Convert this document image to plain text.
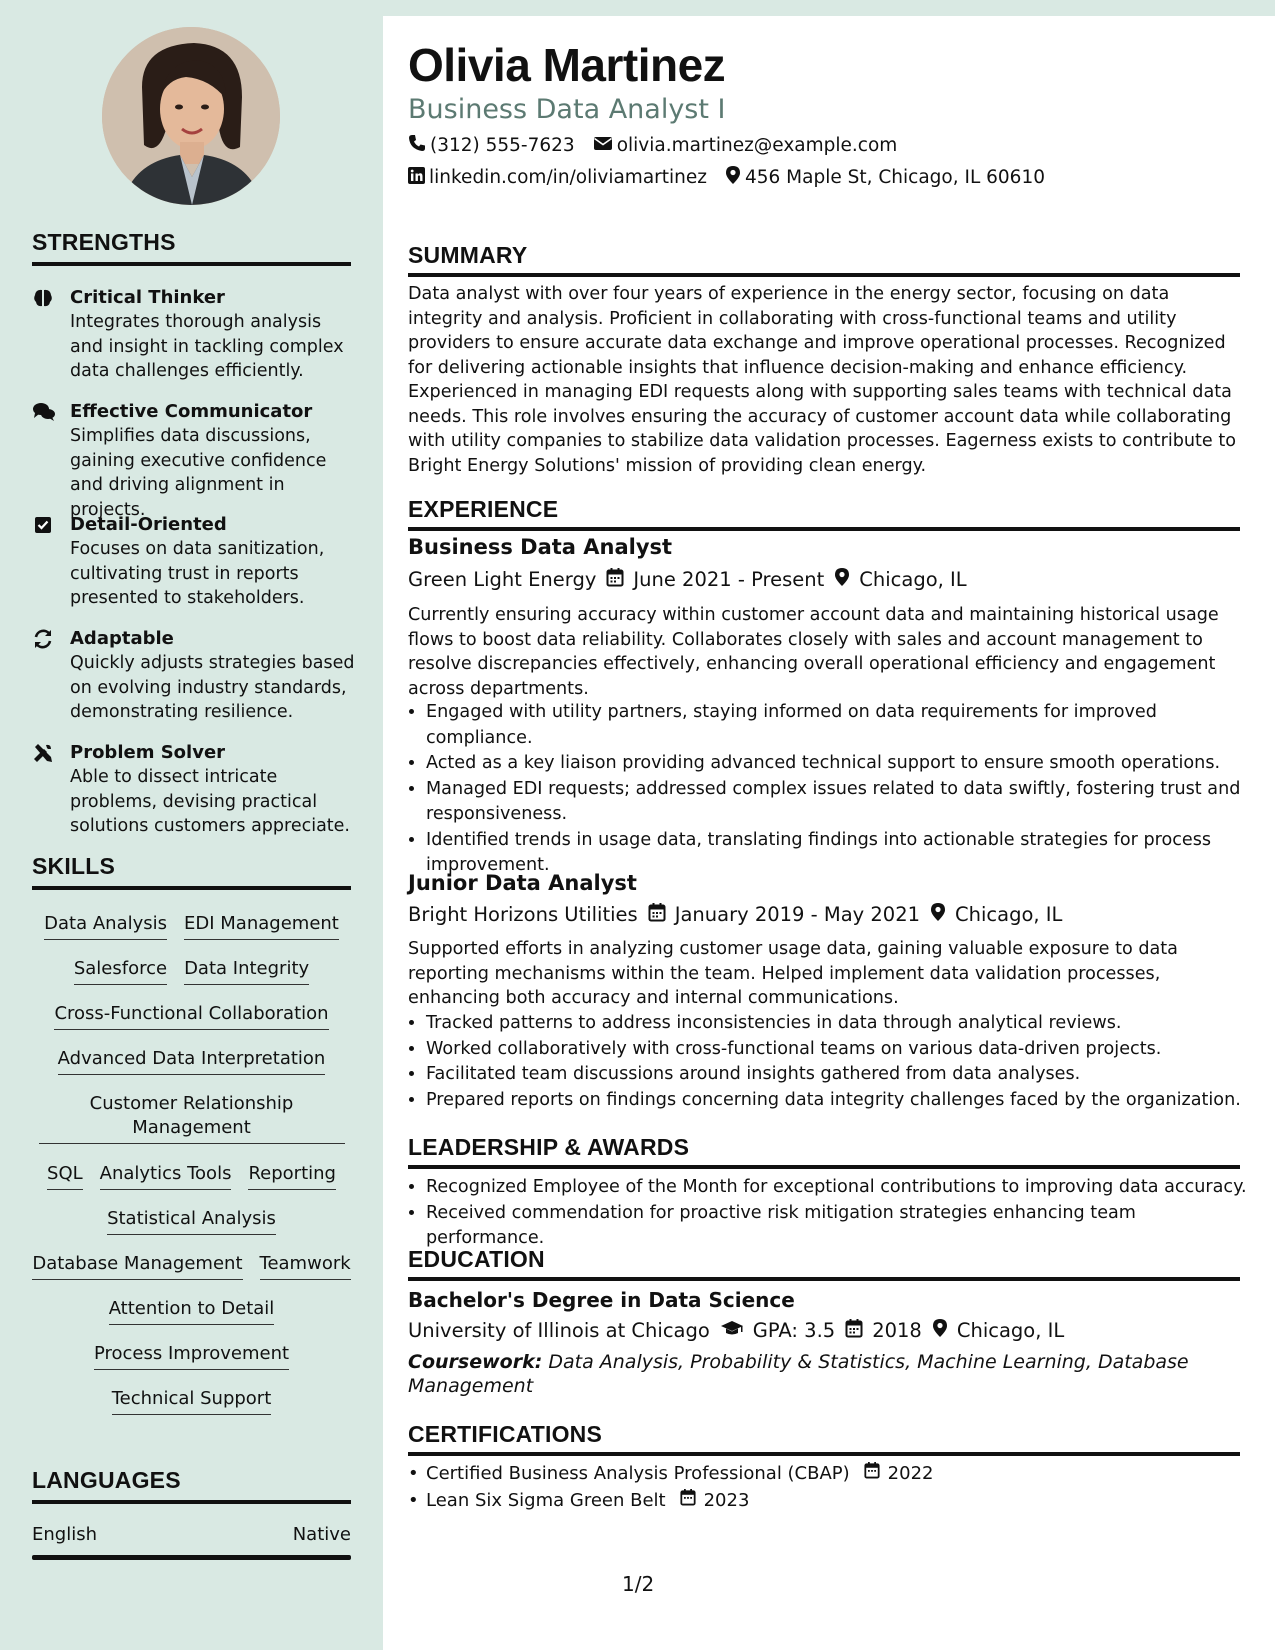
STRENGTHS
Critical Thinker
Integrates thorough analysis and insight in tackling complex data challenges efficiently.
Effective Communicator
Simplifies data discussions, gaining executive confidence and driving alignment in projects.
Detail-Oriented
Focuses on data sanitization, cultivating trust in reports presented to stakeholders.
Adaptable
Quickly adjusts strategies based on evolving industry standards, demonstrating resilience.
Problem Solver
Able to dissect intricate problems, devising practical solutions customers appreciate.
SKILLS
Data Analysis EDI Management
Salesforce Data Integrity
Cross-Functional Collaboration
Advanced Data Interpretation
Customer Relationship Management
SQL Analytics Tools Reporting
Statistical Analysis
Database Management Teamwork
Attention to Detail
Process Improvement
Technical Support
LANGUAGES
English	Native
Olivia Martinez
Business Data Analyst I
(312) 555-7623 olivia.martinez@example.com
linkedin.com/in/oliviamartinez 456 Maple St, Chicago, IL 60610
SUMMARY
Data analyst with over four years of experience in the energy sector, focusing on data integrity and analysis. Proficient in collaborating with cross-functional teams and utility providers to ensure accurate data exchange and improve operational processes. Recognized for delivering actionable insights that influence decision-making and enhance efficiency. Experienced in managing EDI requests along with supporting sales teams with technical data needs. This role involves ensuring the accuracy of customer account data while collaborating with utility companies to stabilize data validation processes. Eagerness exists to contribute to Bright Energy Solutions' mission of providing clean energy.
EXPERIENCE
Business Data Analyst
Green Light Energy June 2021 - Present Chicago, IL
Currently ensuring accuracy within customer account data and maintaining historical usage flows to boost data reliability. Collaborates closely with sales and account management to resolve discrepancies effectively, enhancing overall operational efficiency and engagement across departments.
• Engaged with utility partners, staying informed on data requirements for improved compliance.
• Acted as a key liaison providing advanced technical support to ensure smooth operations.
• Managed EDI requests; addressed complex issues related to data swiftly, fostering trust and responsiveness.
• Identified trends in usage data, translating findings into actionable strategies for process improvement.
Junior Data Analyst
Bright Horizons Utilities January 2019 - May 2021 Chicago, IL
Supported efforts in analyzing customer usage data, gaining valuable exposure to data reporting mechanisms within the team. Helped implement data validation processes, enhancing both accuracy and internal communications.
• Tracked patterns to address inconsistencies in data through analytical reviews.
• Worked collaboratively with cross-functional teams on various data-driven projects.
• Facilitated team discussions around insights gathered from data analyses.
• Prepared reports on findings concerning data integrity challenges faced by the organization.
LEADERSHIP & AWARDS
• Recognized Employee of the Month for exceptional contributions to improving data accuracy.
• Received commendation for proactive risk mitigation strategies enhancing team performance.
EDUCATION
Bachelor's Degree in Data Science
University of Illinois at Chicago GPA: 3.5 2018 Chicago, IL
Coursework: Data Analysis, Probability & Statistics, Machine Learning, Database Management
CERTIFICATIONS
• Certified Business Analysis Professional (CBAP) 2022
• Lean Six Sigma Green Belt 2023
1/2
